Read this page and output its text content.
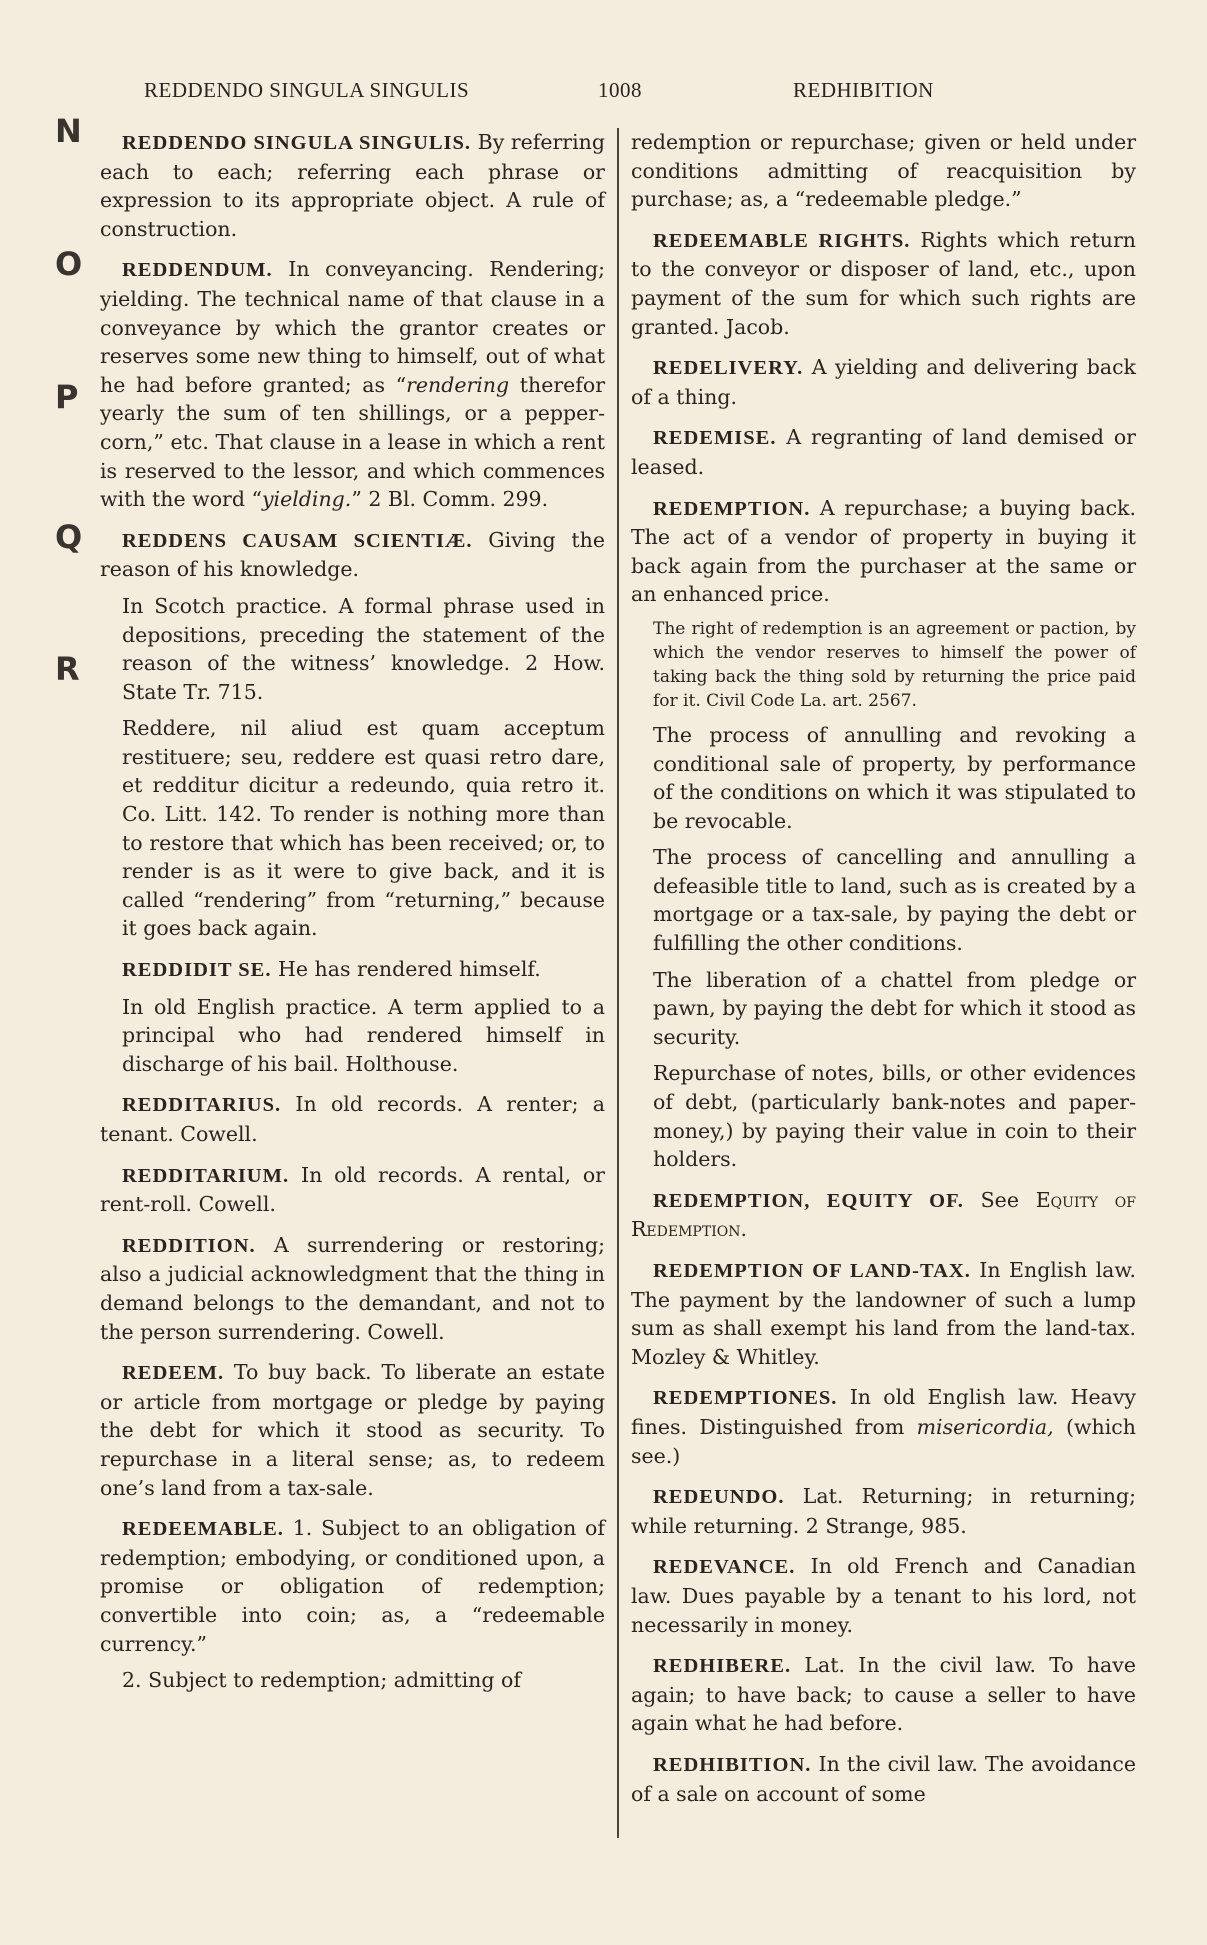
REDDENDO SINGULA SINGULIS	1008	REDHIBITION
N
O
P
Q
R

REDDENDO SINGULA SINGULIS. By referring each to each; referring each phrase or expression to its appropriate object. A rule of construction.

REDDENDUM. In conveyancing. Rendering; yielding. The technical name of that clause in a conveyance by which the grantor creates or reserves some new thing to himself, out of what he had before granted; as “rendering therefor yearly the sum of ten shillings, or a pepper-corn,” etc. That clause in a lease in which a rent is reserved to the lessor, and which commences with the word “yielding.” 2 Bl. Comm. 299.

REDDENS CAUSAM SCIENTIÆ. Giving the reason of his knowledge.

In Scotch practice. A formal phrase used in depositions, preceding the statement of the reason of the witness’ knowledge. 2 How. State Tr. 715.

Reddere, nil aliud est quam acceptum restituere; seu, reddere est quasi retro dare, et redditur dicitur a redeundo, quia retro it. Co. Litt. 142. To render is nothing more than to restore that which has been received; or, to render is as it were to give back, and it is called “rendering” from “returning,” because it goes back again.

REDDIDIT SE. He has rendered himself.

In old English practice. A term applied to a principal who had rendered himself in discharge of his bail. Holthouse.

REDDITARIUS. In old records. A renter; a tenant. Cowell.

REDDITARIUM. In old records. A rental, or rent-roll. Cowell.

REDDITION. A surrendering or restoring; also a judicial acknowledgment that the thing in demand belongs to the demandant, and not to the person surrendering. Cowell.

REDEEM. To buy back. To liberate an estate or article from mortgage or pledge by paying the debt for which it stood as security. To repurchase in a literal sense; as, to redeem one’s land from a tax-sale.

REDEEMABLE. 1. Subject to an obligation of redemption; embodying, or conditioned upon, a promise or obligation of redemption; convertible into coin; as, a “redeemable currency.”

2. Subject to redemption; admitting of

redemption or repurchase; given or held under conditions admitting of reacquisition by purchase; as, a “redeemable pledge.”

REDEEMABLE RIGHTS. Rights which return to the conveyor or disposer of land, etc., upon payment of the sum for which such rights are granted. Jacob.

REDELIVERY. A yielding and delivering back of a thing.

REDEMISE. A regranting of land demised or leased.

REDEMPTION. A repurchase; a buying back. The act of a vendor of property in buying it back again from the purchaser at the same or an enhanced price.

The right of redemption is an agreement or paction, by which the vendor reserves to himself the power of taking back the thing sold by returning the price paid for it. Civil Code La. art. 2567.

The process of annulling and revoking a conditional sale of property, by performance of the conditions on which it was stipulated to be revocable.

The process of cancelling and annulling a defeasible title to land, such as is created by a mortgage or a tax-sale, by paying the debt or fulfilling the other conditions.

The liberation of a chattel from pledge or pawn, by paying the debt for which it stood as security.

Repurchase of notes, bills, or other evidences of debt, (particularly bank-notes and paper-money,) by paying their value in coin to their holders.

REDEMPTION, EQUITY OF. See Equity of Redemption.

REDEMPTION OF LAND-TAX. In English law. The payment by the landowner of such a lump sum as shall exempt his land from the land-tax. Mozley & Whitley.

REDEMPTIONES. In old English law. Heavy fines. Distinguished from misericordia, (which see.)

REDEUNDO. Lat. Returning; in returning; while returning. 2 Strange, 985.

REDEVANCE. In old French and Canadian law. Dues payable by a tenant to his lord, not necessarily in money.

REDHIBERE. Lat. In the civil law. To have again; to have back; to cause a seller to have again what he had before.

REDHIBITION. In the civil law. The avoidance of a sale on account of some
